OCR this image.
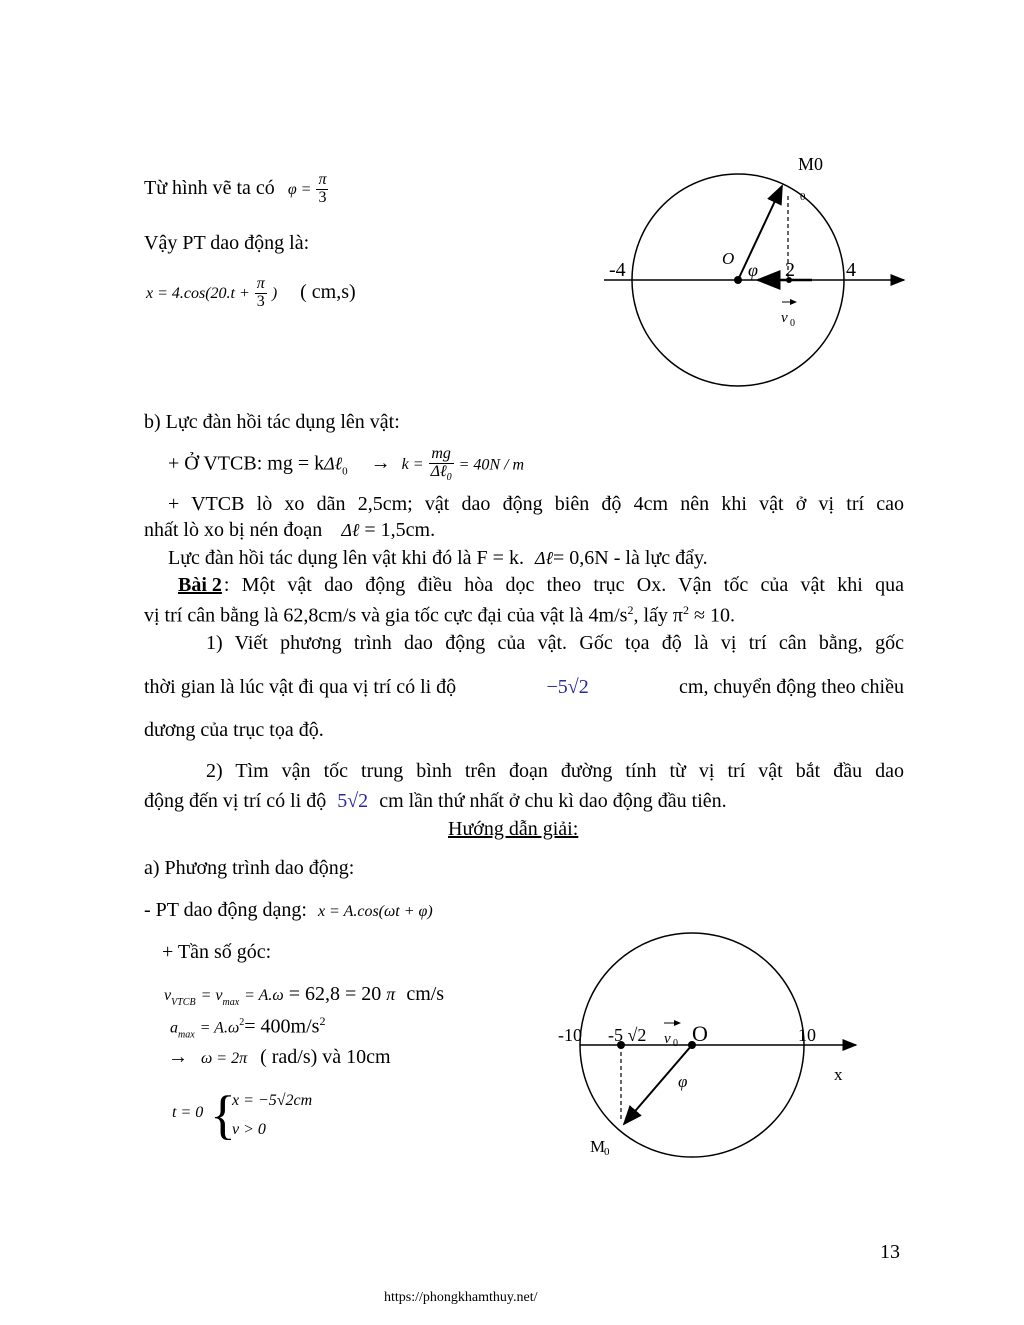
Từ hình vẽ ta có $\varphi = \frac{\pi}{3}$
Vậy PT dao động là:
$x = 4.\cos(20.t + \frac{\pi}{3}$ ) ( cm,s)
M0
0
O
φ
-4	2	4
v 0
b) Lực đàn hồi tác dụng lên vật:
+ Ở VTCB: mg = kΔℓ$_0$ → $k = \frac{mg}{\Delta\ell_0} = 40N / m$
+ VTCB lò xo dãn 2,5cm; vật dao động biên độ 4cm nên khi vật ở vị trí cao
nhất lò xo bị nén đoạn Δℓ = 1,5cm.
Lực đàn hồi tác dụng lên vật khi đó là F = k. Δℓ= 0,6N - là lực đẩy.
Bài 2 : Một vật dao động điều hòa dọc theo trục Ox. Vận tốc của vật khi qua
vị trí cân bằng là 62,8cm/s và gia tốc cực đại của vật là $4m/s^2$, lấy $\pi^2 \approx 10$.
1) Viết phương trình dao động của vật. Gốc tọa độ là vị trí cân bằng, gốc
thời gian là lúc vật đi qua vị trí có li độ	−5√2	cm, chuyển động theo chiều
dương của trục tọa độ.
2) Tìm vận tốc trung bình trên đoạn đường tính từ vị trí vật bắt đầu dao
động đến vị trí có li độ 5√2 cm lần thứ nhất ở chu kì dao động đầu tiên.
Hướng dẫn giải:
a) Phương trình dao động:
- PT dao động dạng: x = A.cos(ωt + φ)
+ Tần số góc:
$v_{VTCB} = v_{max} = A.\omega = 62,8 = 20$ π cm/s
$a_{max} = A.\omega^2= 400m/s^2$
→ ω = 2π ( rad/s) và 10cm
t = 0 {
x = −5√2cm
v > 0
-10 -5 √2 v 0 O	10
x
φ
M
0
13
https://phongkhamthuy.net/
